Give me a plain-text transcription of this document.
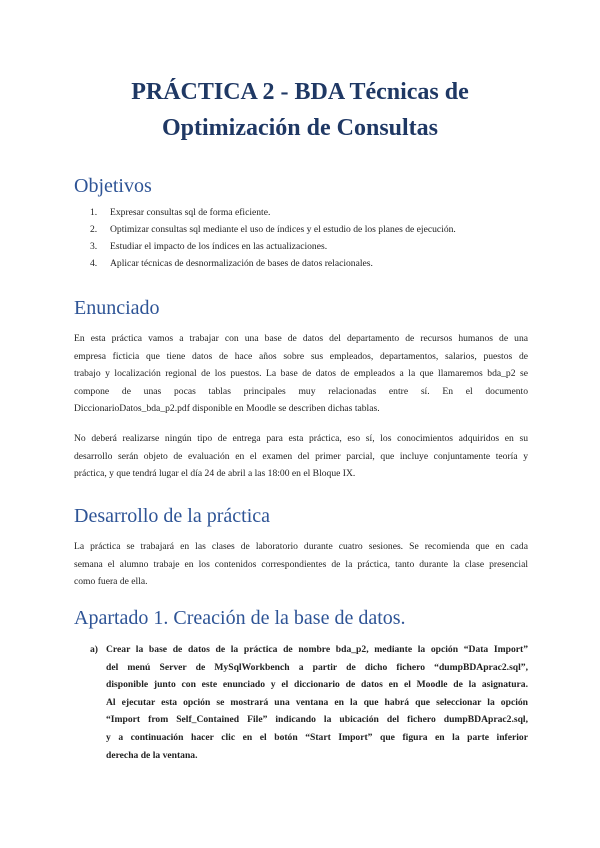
PRÁCTICA 2 - BDA Técnicas de
Optimización de Consultas
Objetivos
1. Expresar consultas sql de forma eficiente.
2. Optimizar consultas sql mediante el uso de índices y el estudio de los planes de ejecución.
3. Estudiar el impacto de los índices en las actualizaciones.
4. Aplicar técnicas de desnormalización de bases de datos relacionales.
Enunciado

En esta práctica vamos a trabajar con una base de datos del departamento de recursos humanos de una
empresa ficticia que tiene datos de hace años sobre sus empleados, departamentos, salarios, puestos de
trabajo y localización regional de los puestos. La base de datos de empleados a la que llamaremos bda_p2 se
compone de unas pocas tablas principales muy relacionadas entre sí. En el documento
DiccionarioDatos_bda_p2.pdf disponible en Moodle se describen dichas tablas.

No deberá realizarse ningún tipo de entrega para esta práctica, eso sí, los conocimientos adquiridos en su
desarrollo serán objeto de evaluación en el examen del primer parcial, que incluye conjuntamente teoría y
práctica, y que tendrá lugar el día 24 de abril a las 18:00 en el Bloque IX.

Desarrollo de la práctica

La práctica se trabajará en las clases de laboratorio durante cuatro sesiones. Se recomienda que en cada
semana el alumno trabaje en los contenidos correspondientes de la práctica, tanto durante la clase presencial
como fuera de ella.

Apartado 1. Creación de la base de datos.
a) Crear la base de datos de la práctica de nombre bda_p2, mediante la opción “Data Import”
del menú Server de MySqlWorkbench a partir de dicho fichero “dumpBDAprac2.sql”,
disponible junto con este enunciado y el diccionario de datos en el Moodle de la asignatura.
Al ejecutar esta opción se mostrará una ventana en la que habrá que seleccionar la opción
“Import from Self_Contained File” indicando la ubicación del fichero dumpBDAprac2.sql,
y a continuación hacer clic en el botón “Start Import” que figura en la parte inferior
derecha de la ventana.
